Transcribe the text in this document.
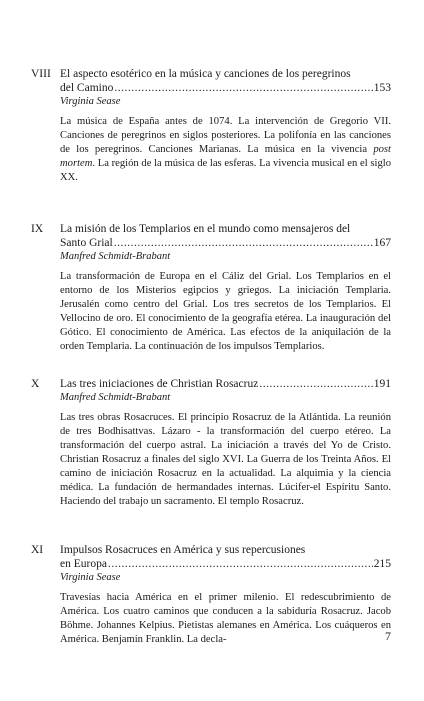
VIII El aspecto esotérico en la música y canciones de los peregrinos
del Camino .....	153
Virginia Sease
La música de España antes de 1074. La intervención de Gregorio VII. Canciones de peregrinos en siglos posteriores. La polifonía en las canciones de los peregrinos. Canciones Marianas. La música en la vivencia post mortem. La región de la música de las esferas. La vivencia musical en el siglo XX.
IX	La misión de los Templarios en el mundo como mensajeros del
Santo Grial .....	167
Manfred Schmidt-Brabant
La transformación de Europa en el Cáliz del Grial. Los Templarios en el entorno de los Misterios egipcios y griegos. La iniciación Templaria. Jerusalén como centro del Grial. Los tres secretos de los Templarios. El Vellocino de oro. El conocimiento de la geografía etérea. La inauguración del Gótico. El conocimiento de América. Las efectos de la aniquilación de la orden Templaria. La continuación de los impulsos Templarios.
X	Las tres iniciaciones de Christian Rosacruz .....	191
Manfred Schmidt-Brabant
Las tres obras Rosacruces. El principio Rosacruz de la Atlántida. La reunión de tres Bodhisattvas. Lázaro - la transformación del cuerpo etéreo. La transformación del cuerpo astral. La iniciación a través del Yo de Cristo. Christian Rosacruz a finales del siglo XVI. La Guerra de los Treinta Años. El camino de iniciación Rosacruz en la actualidad. La alquimia y la ciencia médica. La fundación de hermandades internas. Lúcifer-el Espíritu Santo. Haciendo del trabajo un sacramento. El templo Rosacruz.
XI	Impulsos Rosacruces en América y sus repercusiones
en Europa .....	215
Virginia Sease
Travesías hacia América en el primer milenio. El redescubrimiento de América. Los cuatro caminos que conducen a la sabiduría Rosacruz. Jacob Böhme. Johannes Kelpius. Pietistas alemanes en América. Los cuáqueros en América. Benjamín Franklin. La decla-	7
